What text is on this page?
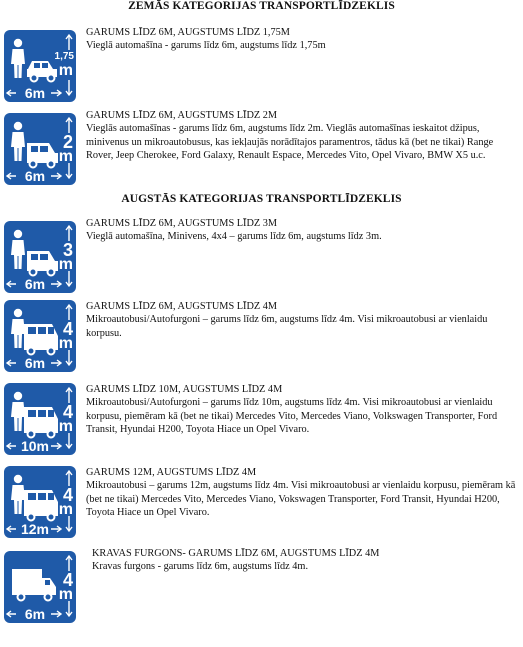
ZEMĀS KATEGORIJAS TRANSPORTLĪDZEKLIS
1,75
m
6m

GARUMS LĪDZ 6M, AUGSTUMS LĪDZ 1,75M

Vieglā automašīna - garums līdz 6m, augstums līdz 1,75m

2
m
6m

GARUMS LĪDZ 6M, AUGSTUMS LĪDZ 2M

Vieglās automašīnas - garums līdz 6m, augstums līdz 2m. Vieglās automašīnas ieskaitot džipus, minivenus un mikroautobusus, kas iekļaujās norādītajos paramentros, tādus kā (bet ne tikai) Range Rover, Jeep Cherokee, Ford Galaxy, Renault Espace, Mercedes Vito, Opel Vivaro, BMW X5 u.c.

AUGSTĀS KATEGORIJAS TRANSPORTLĪDZEKLIS
3
m
6m

GARUMS LĪDZ 6M, AUGSTUMS LĪDZ 3M

Vieglā automašīna, Minivens, 4x4 – garums līdz 6m, augstums līdz 3m.

4
m
6m

GARUMS LĪDZ 6M, AUGSTUMS LĪDZ 4M

Mikroautobusi/Autofurgoni – garums līdz 6m, augstums līdz 4m. Visi mikroautobusi ar vienlaidu korpusu.

4
m
10m

GARUMS LĪDZ 10M, AUGSTUMS LĪDZ 4M

Mikroautobusi/Autofurgoni – garums līdz 10m, augstums līdz 4m. Visi mikroautobusi ar vienlaidu korpusu, piemēram kā (bet ne tikai) Mercedes Vito, Mercedes Viano, Volkswagen Transporter, Ford Transit, Hyundai H200, Toyota Hiace un Opel Vivaro.

4
m
12m

GARUMS 12M, AUGSTUMS LĪDZ 4M

Mikroautobusi – garums 12m, augstums līdz 4m. Visi mikroautobusi ar vienlaidu korpusu, piemēram kā (bet ne tikai) Mercedes Vito, Mercedes Viano, Vokswagen Transporter, Ford Transit, Hyundai H200, Toyota Hiace un Opel Vivaro.

4
m
6m

KRAVAS FURGONS- GARUMS LĪDZ 6M, AUGSTUMS LĪDZ 4M

Kravas furgons - garums līdz 6m, augstums līdz 4m.
